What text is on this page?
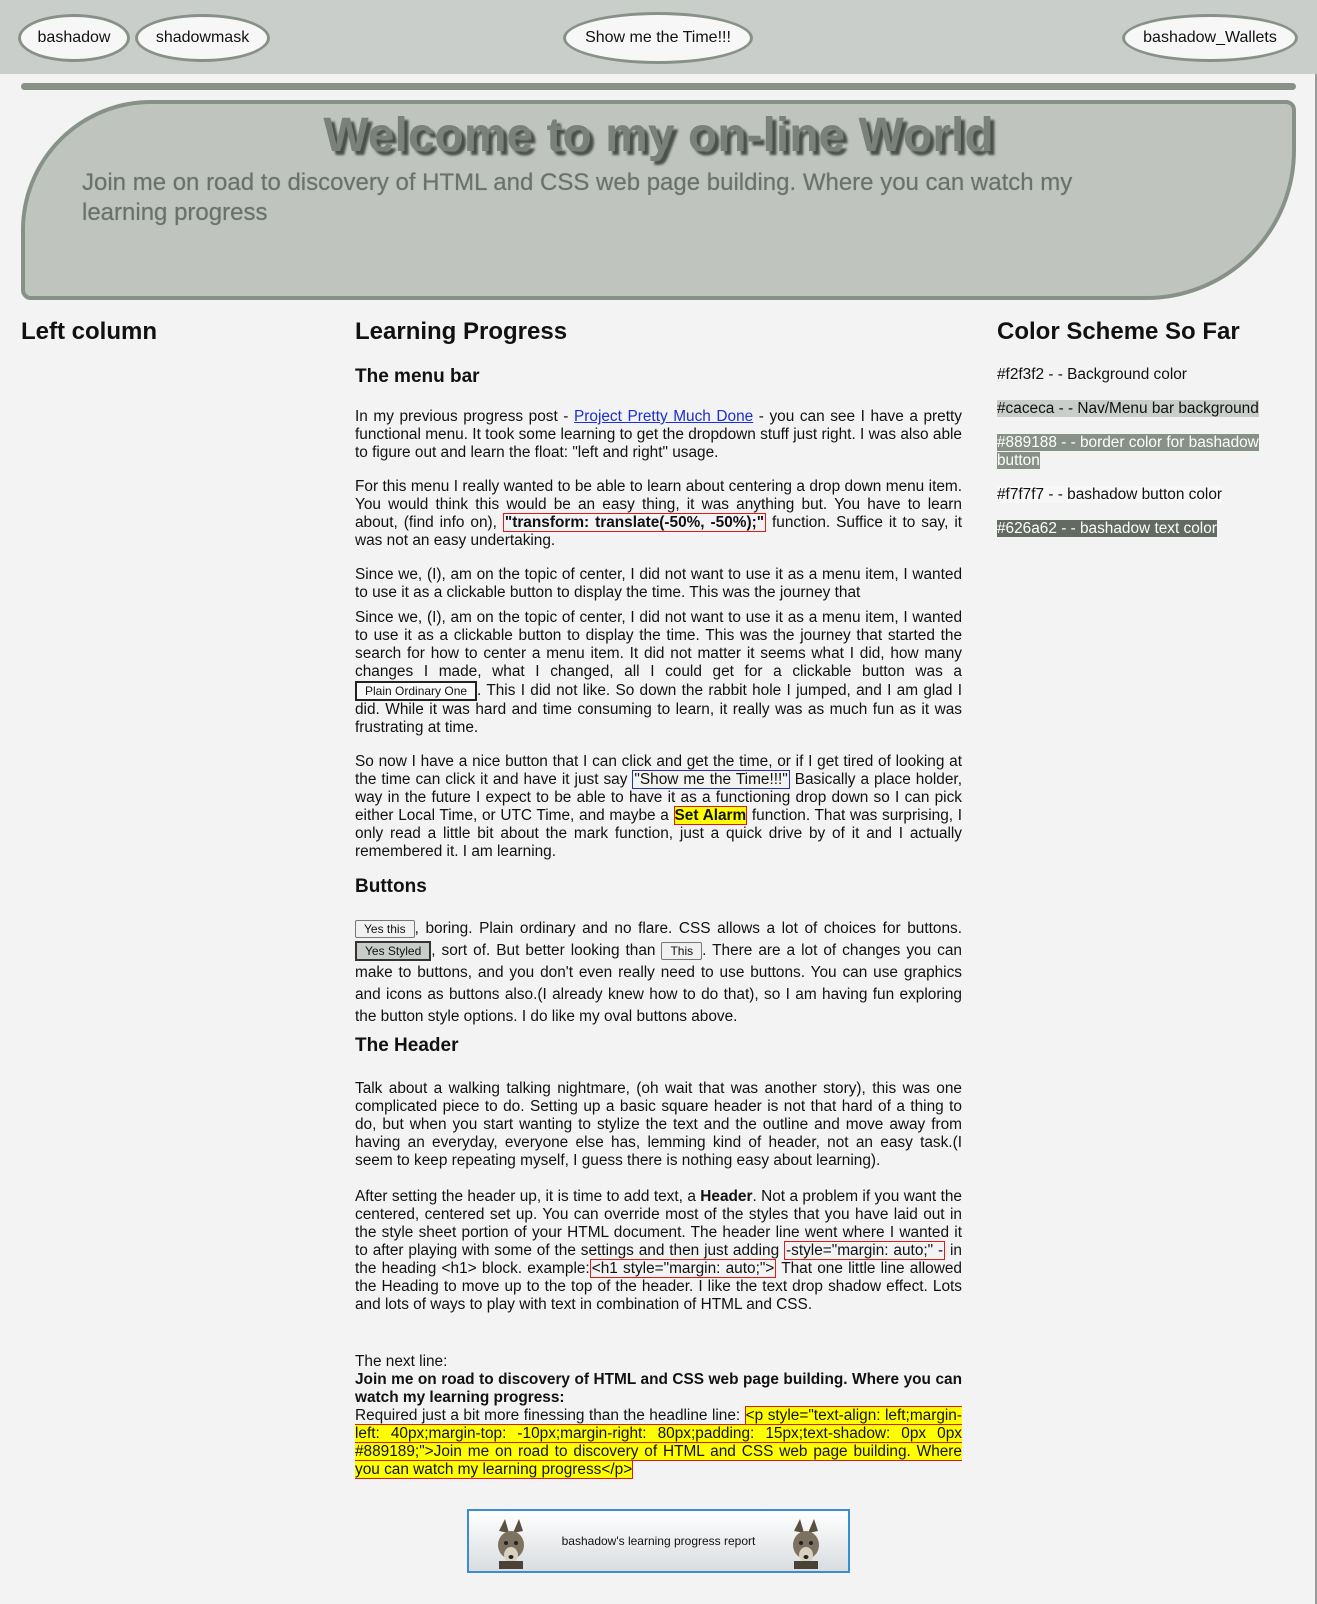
bashadow	shadowmask	Show me the Time!!!	bashadow_Wallets
Welcome to my on-line World

Join me on road to discovery of HTML and CSS web page building. Where you can watch my learning progress

Left column	Learning Progress
The menu bar

In my previous progress post - Project Pretty Much Done - you can see I have a pretty functional menu. It took some learning to get the dropdown stuff just right. I was also able to figure out and learn the float: "left and right" usage.

For this menu I really wanted to be able to learn about centering a drop down menu item. You would think this would be an easy thing, it was anything but. You have to learn about, (find info on), "transform: translate(-50%, -50%);" function. Suffice it to say, it was not an easy undertaking.

Since we, (I), am on the topic of center, I did not want to use it as a menu item, I wanted to use it as a clickable button to display the time. This was the journey that

Since we, (I), am on the topic of center, I did not want to use it as a menu item, I wanted to use it as a clickable button to display the time. This was the journey that started the search for how to center a menu item. It did not matter it seems what I did, how many changes I made, what I changed, all I could get for a clickable button was a Plain Ordinary One . This I did not like. So down the rabbit hole I jumped, and I am glad I did. While it was hard and time consuming to learn, it really was as much fun as it was frustrating at time.

So now I have a nice button that I can click and get the time, or if I get tired of looking at the time can click it and have it just say "Show me the Time!!!" Basically a place holder, way in the future I expect to be able to have it as a functioning drop down so I can pick either Local Time, or UTC Time, and maybe a Set Alarm function. That was surprising, I only read a little bit about the mark function, just a quick drive by of it and I actually remembered it. I am learning.

Buttons

Yes this , boring. Plain ordinary and no flare. CSS allows a lot of choices for buttons. Yes Styled , sort of. But better looking than This . There are a lot of changes you can make to buttons, and you don't even really need to use buttons. You can use graphics and icons as buttons also.(I already knew how to do that), so I am having fun exploring the button style options. I do like my oval buttons above.

The Header

Talk about a walking talking nightmare, (oh wait that was another story), this was one complicated piece to do. Setting up a basic square header is not that hard of a thing to do, but when you start wanting to stylize the text and the outline and move away from having an everyday, everyone else has, lemming kind of header, not an easy task.(I seem to keep repeating myself, I guess there is nothing easy about learning).

After setting the header up, it is time to add text, a Header. Not a problem if you want the centered, centered set up. You can override most of the styles that you have laid out in the style sheet portion of your HTML document. The header line went where I wanted it to after playing with some of the settings and then just adding -style="margin: auto;" - in the heading <h1> block. example: <h1 style="margin: auto;"> That one little line allowed the Heading to move up to the top of the header. I like the text drop shadow effect. Lots and lots of ways to play with text in combination of HTML and CSS.

The next line:
Join me on road to discovery of HTML and CSS web page building. Where you can watch my learning progress:
Required just a bit more finessing than the headline line: <p style="text-align: left;margin-left: 40px;margin-top: -10px;margin-right: 80px;padding: 15px;text-shadow: 0px 0px #889189;">Join me on road to discovery of HTML and CSS web page building. Where you can watch my learning progress</p>

Color Scheme So Far
#f2f3f2 - - Background color
#caceca - - Nav/Menu bar background
#889188 - - border color for bashadow button
#f7f7f7 - - bashadow button color
#626a62 - - bashadow text color
bashadow's learning progress report
